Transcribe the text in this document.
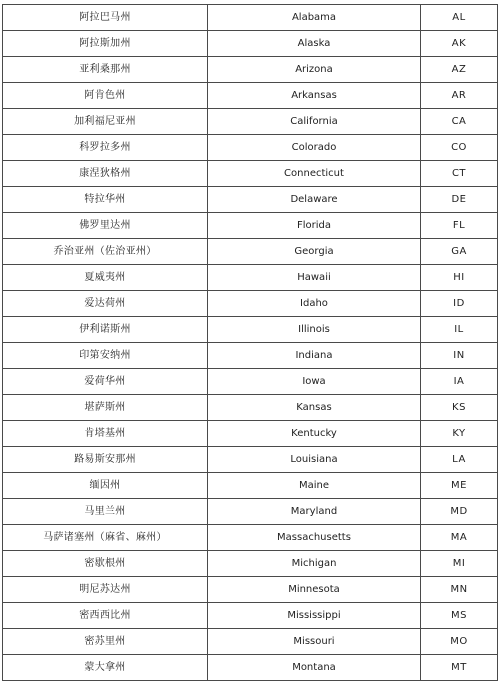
阿拉巴马州	Alabama	AL
阿拉斯加州	Alaska	AK
亚利桑那州	Arizona	AZ
阿肯色州	Arkansas	AR
加利福尼亚州	California	CA
科罗拉多州	Colorado	CO
康涅狄格州	Connecticut	CT
特拉华州	Delaware	DE
佛罗里达州	Florida	FL
乔治亚州（佐治亚州）	Georgia	GA
夏威夷州	Hawaii	HI
爱达荷州	Idaho	ID
伊利诺斯州	Illinois	IL
印第安纳州	Indiana	IN
爱荷华州	Iowa	IA
堪萨斯州	Kansas	KS
肯塔基州	Kentucky	KY
路易斯安那州	Louisiana	LA
缅因州	Maine	ME
马里兰州	Maryland	MD
马萨诸塞州（麻省、麻州）	Massachusetts	MA
密歇根州	Michigan	MI
明尼苏达州	Minnesota	MN
密西西比州	Mississippi	MS
密苏里州	Missouri	MO
蒙大拿州	Montana	MT
